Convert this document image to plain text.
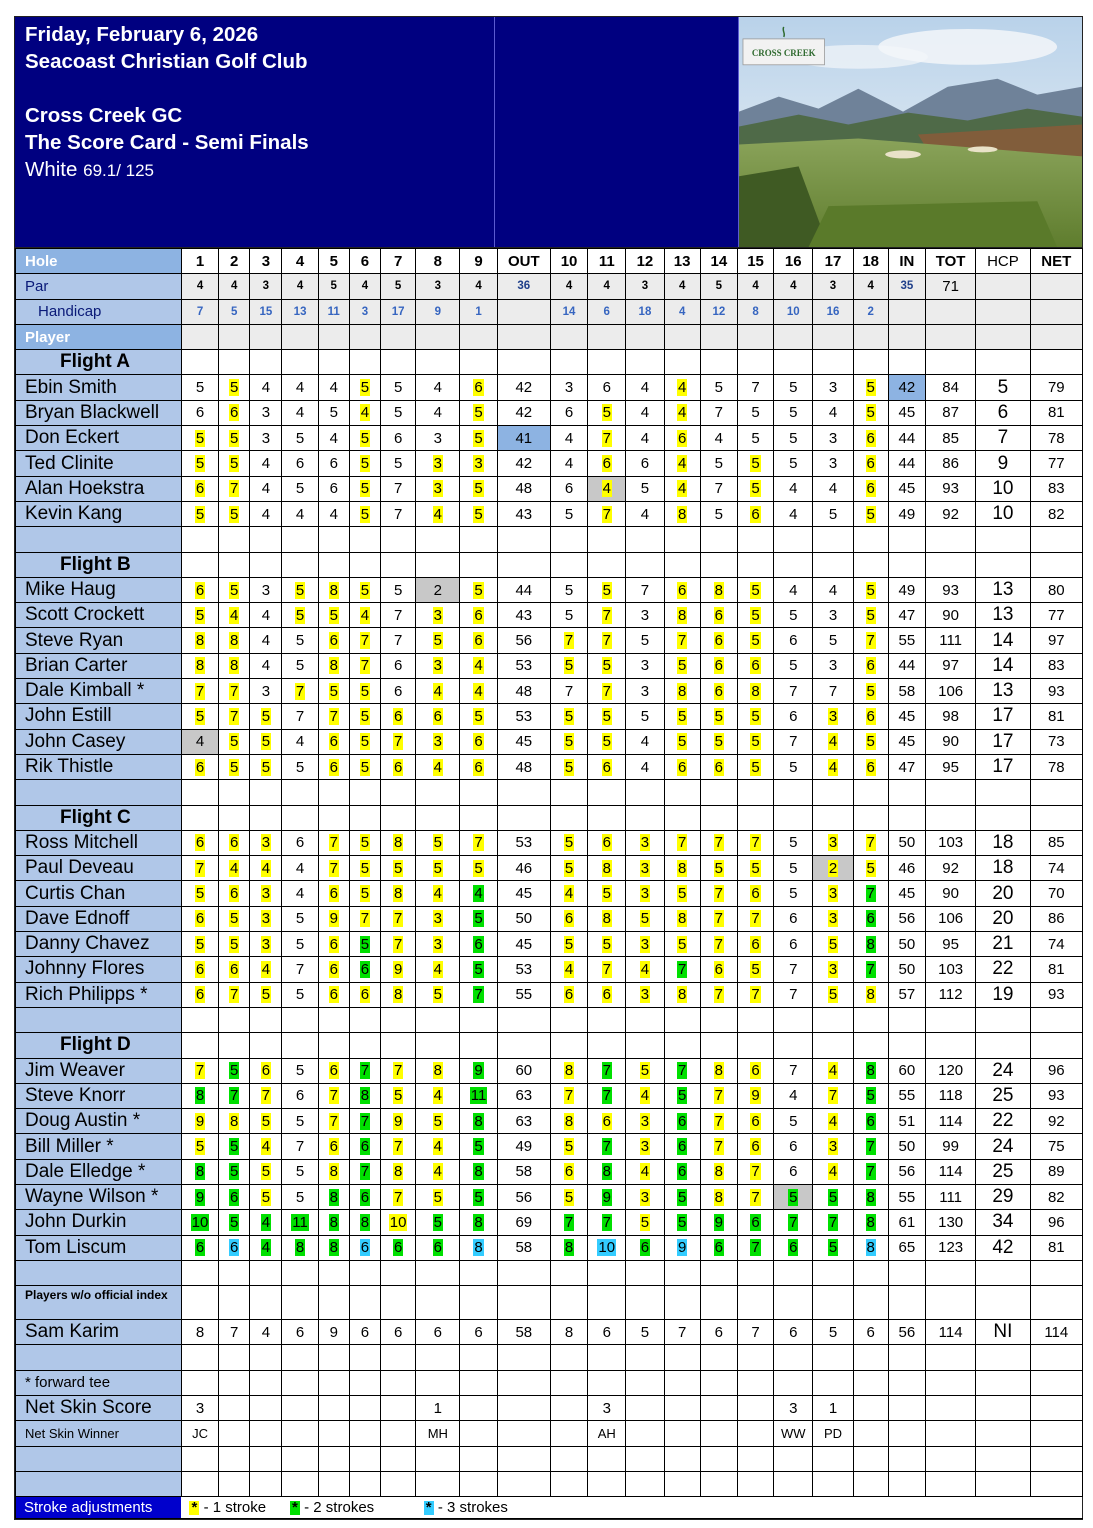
Friday, February 6, 2026
Seacoast Christian Golf Club
Cross Creek GC
The Score Card - Semi Finals
White 69.1/ 125
CROSS CREEK
Hole	1	2	3	4	5	6	7	8	9	OUT	10	11	12	13	14	15	16	17	18	IN	TOT	HCP	NET
Par	4	4	3	4	5	4	5	3	4	36	4	4	3	4	5	4	4	3	4	35	71		
Handicap	7	5	15	13	11	3	17	9	1		14	6	18	4	12	8	10	16	2				
Player																							
Flight A																							
Ebin Smith	5	5	4	4	4	5	5	4	6	42	3	6	4	4	5	7	5	3	5	42	84	5	79
Bryan Blackwell	6	6	3	4	5	4	5	4	5	42	6	5	4	4	7	5	5	4	5	45	87	6	81
Don Eckert	5	5	3	5	4	5	6	3	5	41	4	7	4	6	4	5	5	3	6	44	85	7	78
Ted Clinite	5	5	4	6	6	5	5	3	3	42	4	6	6	4	5	5	5	3	6	44	86	9	77
Alan Hoekstra	6	7	4	5	6	5	7	3	5	48	6	4	5	4	7	5	4	4	6	45	93	10	83
Kevin Kang	5	5	4	4	4	5	7	4	5	43	5	7	4	8	5	6	4	5	5	49	92	10	82

Flight B																							
Mike Haug	6	5	3	5	8	5	5	2	5	44	5	5	7	6	8	5	4	4	5	49	93	13	80
Scott Crockett	5	4	4	5	5	4	7	3	6	43	5	7	3	8	6	5	5	3	5	47	90	13	77
Steve Ryan	8	8	4	5	6	7	7	5	6	56	7	7	5	7	6	5	6	5	7	55	111	14	97
Brian Carter	8	8	4	5	8	7	6	3	4	53	5	5	3	5	6	6	5	3	6	44	97	14	83
Dale Kimball *	7	7	3	7	5	5	6	4	4	48	7	7	3	8	6	8	7	7	5	58	106	13	93
John Estill	5	7	5	7	7	5	6	6	5	53	5	5	5	5	5	5	6	3	6	45	98	17	81
John Casey	4	5	5	4	6	5	7	3	6	45	5	5	4	5	5	5	7	4	5	45	90	17	73
Rik Thistle	6	5	5	5	6	5	6	4	6	48	5	6	4	6	6	5	5	4	6	47	95	17	78

Flight C																							
Ross Mitchell	6	6	3	6	7	5	8	5	7	53	5	6	3	7	7	7	5	3	7	50	103	18	85
Paul Deveau	7	4	4	4	7	5	5	5	5	46	5	8	3	8	5	5	5	2	5	46	92	18	74
Curtis Chan	5	6	3	4	6	5	8	4	4	45	4	5	3	5	7	6	5	3	7	45	90	20	70
Dave Ednoff	6	5	3	5	9	7	7	3	5	50	6	8	5	8	7	7	6	3	6	56	106	20	86
Danny Chavez	5	5	3	5	6	5	7	3	6	45	5	5	3	5	7	6	6	5	8	50	95	21	74
Johnny Flores	6	6	4	7	6	6	9	4	5	53	4	7	4	7	6	5	7	3	7	50	103	22	81
Rich Philipps *	6	7	5	5	6	6	8	5	7	55	6	6	3	8	7	7	7	5	8	57	112	19	93

Flight D																							
Jim Weaver	7	5	6	5	6	7	7	8	9	60	8	7	5	7	8	6	7	4	8	60	120	24	96
Steve Knorr	8	7	7	6	7	8	5	4	11	63	7	7	4	5	7	9	4	7	5	55	118	25	93
Doug Austin *	9	8	5	5	7	7	9	5	8	63	8	6	3	6	7	6	5	4	6	51	114	22	92
Bill Miller *	5	5	4	7	6	6	7	4	5	49	5	7	3	6	7	6	6	3	7	50	99	24	75
Dale Elledge *	8	5	5	5	8	7	8	4	8	58	6	8	4	6	8	7	6	4	7	56	114	25	89
Wayne Wilson *	9	6	5	5	8	6	7	5	5	56	5	9	3	5	8	7	5	5	8	55	111	29	82
John Durkin	10	5	4	11	8	8	10	5	8	69	7	7	5	5	9	6	7	7	8	61	130	34	96
Tom Liscum	6	6	4	8	8	6	6	6	8	58	8	10	6	9	6	7	6	5	8	65	123	42	81

Players w/o official index																							
Sam Karim	8	7	4	6	9	6	6	6	6	58	8	6	5	7	6	7	6	5	6	56	114	NI	114

* forward tee																							
Net Skin Score	3							1				3					3	1					
Net Skin Winner	JC							MH				AH					WW	PD					

Stroke adjustments	* - 1 stroke			* - 2 strokes				* - 3 strokes															
